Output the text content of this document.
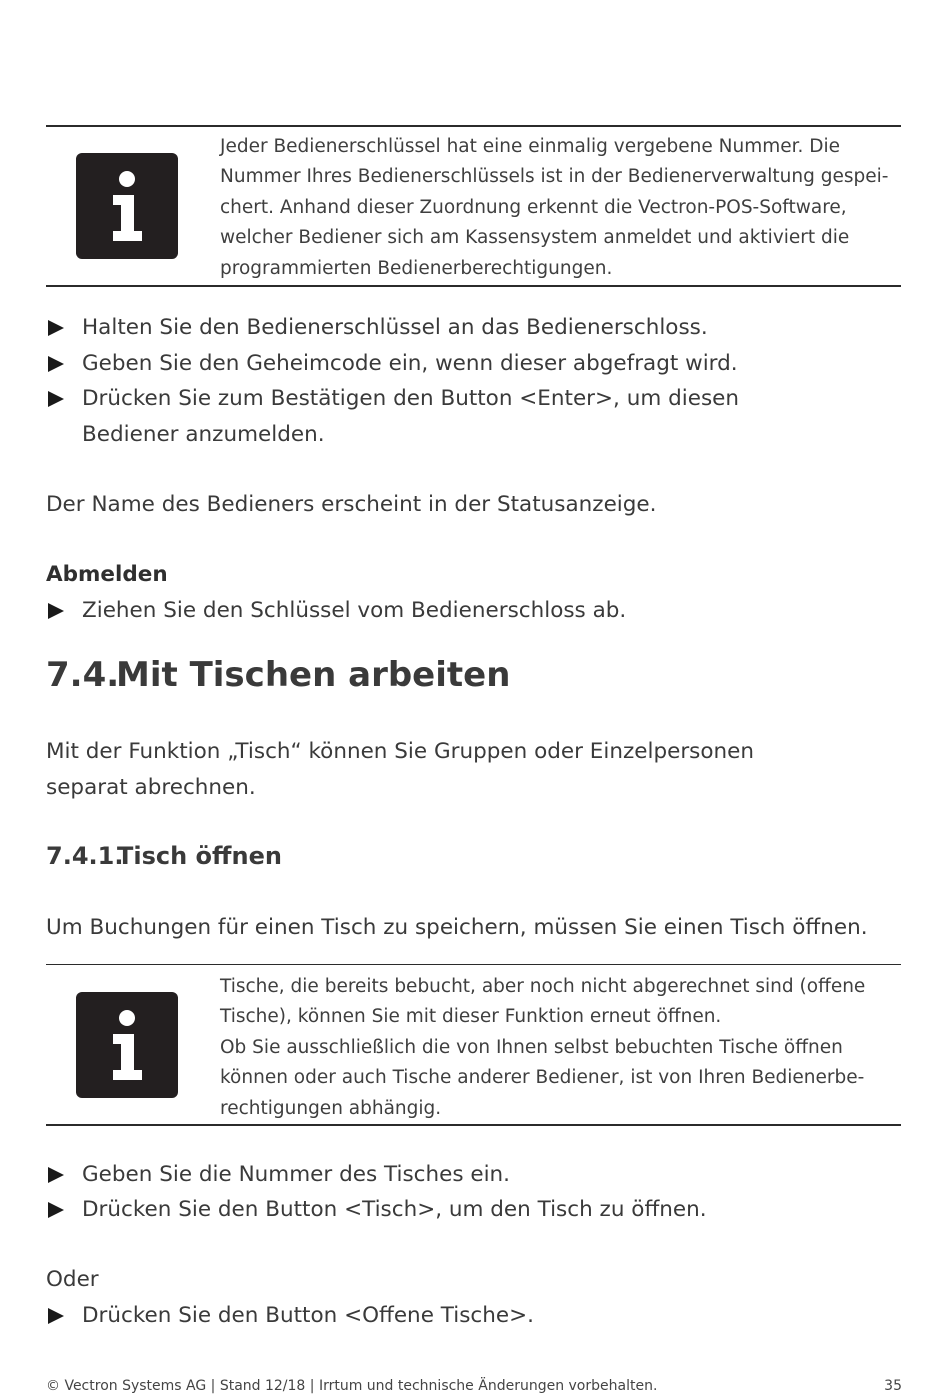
Jeder Bedienerschlüssel hat eine einmalig vergebene Nummer. Die Nummer Ihres Bedienerschlüssels ist in der Bedienerverwaltung gespeichert. Anhand dieser Zuordnung erkennt die Vectron-POS-Software, welcher Bediener sich am Kassensystem anmeldet und aktiviert die programmierten Bedienerberechtigungen.

Halten Sie den Bedienerschlüssel an das Bedienerschloss.
Geben Sie den Geheimcode ein, wenn dieser abgefragt wird.
Drücken Sie zum Bestätigen den Button <Enter>, um diesen Bediener anzumelden.
Der Name des Bedieners erscheint in der Statusanzeige.
Abmelden
Ziehen Sie den Schlüssel vom Bedienerschloss ab.
7.4.Mit Tischen arbeiten
Mit der Funktion „Tisch“ können Sie Gruppen oder Einzelpersonen separat abrechnen.
7.4.1.Tisch öffnen
Um Buchungen für einen Tisch zu speichern, müssen Sie einen Tisch öffnen.

Tische, die bereits bebucht, aber noch nicht abgerechnet sind (offene Tische), können Sie mit dieser Funktion erneut öffnen.

Ob Sie ausschließlich die von Ihnen selbst bebuchten Tische öffnen können oder auch Tische anderer Bediener, ist von Ihren Bedienerberechtigungen abhängig.

Geben Sie die Nummer des Tisches ein.
Drücken Sie den Button <Tisch>, um den Tisch zu öffnen.
Oder
Drücken Sie den Button <Offene Tische>.
© Vectron Systems AG | Stand 12/18 | Irrtum und technische Änderungen vorbehalten.	35
